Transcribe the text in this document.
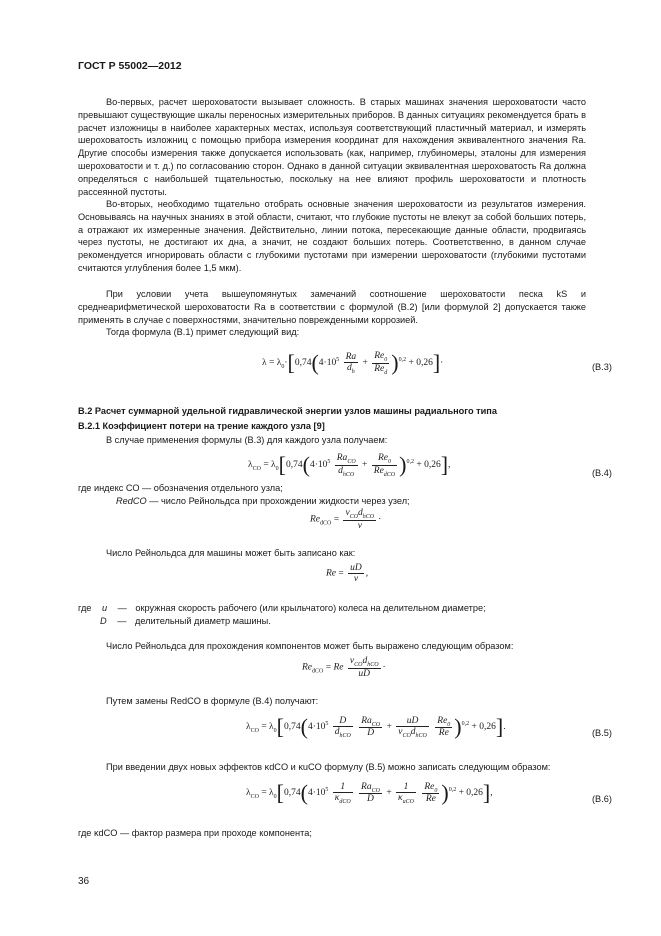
ГОСТ Р 55002—2012
Во-первых, расчет шероховатости вызывает сложность. В старых машинах значения шероховатости часто превышают существующие шкалы переносных измерительных приборов. В данных ситуациях рекомендуется брать в расчет изложницы в наиболее характерных местах, используя соответствующий пластичный материал, и измерять шероховатость изложниц с помощью прибора измерения координат для нахождения эквивалентного значения Ra. Другие способы измерения также допускается использовать (как, например, глубиномеры, эталоны для измерения шероховатости и т. д.) по согласованию сторон. Однако в данной ситуации эквивалентная шероховатость Ra должна определяться с наибольшей тщательностью, поскольку на нее влияют профиль шероховатости и плотность рассеянной пустоты.
Во-вторых, необходимо тщательно отобрать основные значения шероховатости из результатов измерения. Основываясь на научных знаниях в этой области, считают, что глубокие пустоты не влекут за собой больших потерь, а отражают их измеренные значения. Действительно, линии потока, пересекающие данные области, продвигаясь через пустоты, не достигают их дна, а значит, не создают больших потерь. Соответственно, в данном случае рекомендуется игнорировать области с глубокими пустотами при измерении шероховатости (глубокими пустотами считаются углубления более 1,5 мкм).
При условии учета вышеупомянутых замечаний соотношение шероховатости песка kS и среднеарифметической шероховатости Ra в соответствии с формулой (В.2) [или формулой 2] допускается также применять в случае с поверхностями, значительно поврежденными коррозией.
Тогда формула (В.1) примет следующий вид:
$\lambda = \lambda_0\cdot[0,74(4\cdot 10^5 \frac{Ra}{d_h} + \frac{Re_0}{Re_d} )^{0,2} + 0,26]\cdot$	(В.3)
В.2 Расчет суммарной удельной гидравлической энергии узлов машины радиального типа
В.2.1 Коэффициент потери на трение каждого узла [9]
В случае применения формулы (В.3) для каждого узла получаем:
$\lambda_{CO} = \lambda_0[0,74(4\cdot 10^5 \frac{Ra_{CO}}{d_{hCO}} + \frac{Re_0}{Re_{dCO}} )^{0,2} + 0,26]$,
(В.4)
где индекс СО — обозначения отдельного узла;
RedCO — число Рейнольдса при прохождении жидкости через узел;
$Re_{dCO} = \frac{v_{CO}d_{hCO}}{\nu}$ ·
Число Рейнольдса для машины может быть записано как:
$Re = \frac{uD}{\nu}$ ,
где u — окружная скорость рабочего (или крыльчатого) колеса на делительном диаметре;
D — делительный диаметр машины.
Число Рейнольдса для прохождения компонентов может быть выражено следующим образом:
$Re_{dCO} = Re \frac{v_{CO}d_{hCO}}{uD}$ ·
Путем замены RedCO в формуле (В.4) получают:
$\lambda_{CO} = \lambda_0[0,74(4\cdot 10^5 \frac{D}{d_{hCO}}$
$\frac{Ra_{CO}}{D} + \frac{uD}{v_{CO}d_{hCO}}$
$\frac{Re_0}{Re} )^{0,2} + 0,26$].
(В.5)
При введении двух новых эффектов κdCO и κuCO формулу (В.5) можно записать следующим образом:
$\lambda_{CO} = \lambda_0[0,74(4\cdot 10^5 \frac{1}{\kappa_{dCO}}$
$\frac{Ra_{CO}}{D} + \frac{1}{\kappa_{uCO}}$
$\frac{Re_0}{Re} )^{0,2} + 0,26$],
(В.6)
где κdCO — фактор размера при проходе компонента;
36
